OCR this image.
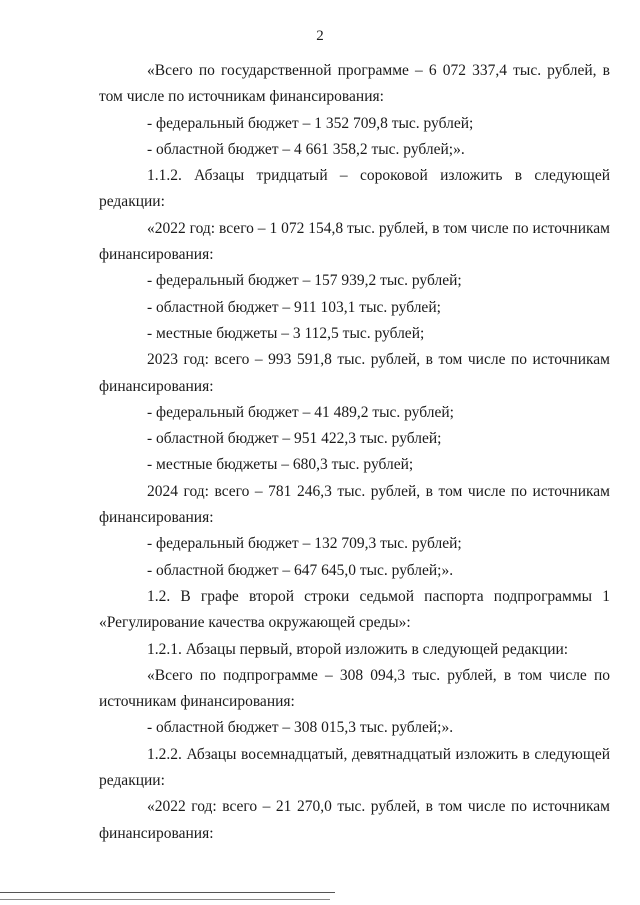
2

«Всего по государственной программе – 6 072 337,4 тыс. рублей, в том числе по источникам финансирования:

- федеральный бюджет – 1 352 709,8 тыс. рублей;

- областной бюджет – 4 661 358,2 тыс. рублей;».

1.1.2. Абзацы тридцатый – сороковой изложить в следующей редакции:

«2022 год: всего – 1 072 154,8 тыс. рублей, в том числе по источникам финансирования:

- федеральный бюджет – 157 939,2 тыс. рублей;

- областной бюджет – 911 103,1 тыс. рублей;

- местные бюджеты – 3 112,5 тыс. рублей;

2023 год: всего – 993 591,8 тыс. рублей, в том числе по источникам финансирования:

- федеральный бюджет – 41 489,2 тыс. рублей;

- областной бюджет – 951 422,3 тыс. рублей;

- местные бюджеты – 680,3 тыс. рублей;

2024 год: всего – 781 246,3 тыс. рублей, в том числе по источникам финансирования:

- федеральный бюджет – 132 709,3 тыс. рублей;

- областной бюджет – 647 645,0 тыс. рублей;».

1.2. В графе второй строки седьмой паспорта подпрограммы 1 «Регулирование качества окружающей среды»:

1.2.1. Абзацы первый, второй изложить в следующей редакции:

«Всего по подпрограмме – 308 094,3 тыс. рублей, в том числе по источникам финансирования:

- областной бюджет – 308 015,3 тыс. рублей;».

1.2.2. Абзацы восемнадцатый, девятнадцатый изложить в следующей редакции:

«2022 год: всего – 21 270,0 тыс. рублей, в том числе по источникам финансирования:
